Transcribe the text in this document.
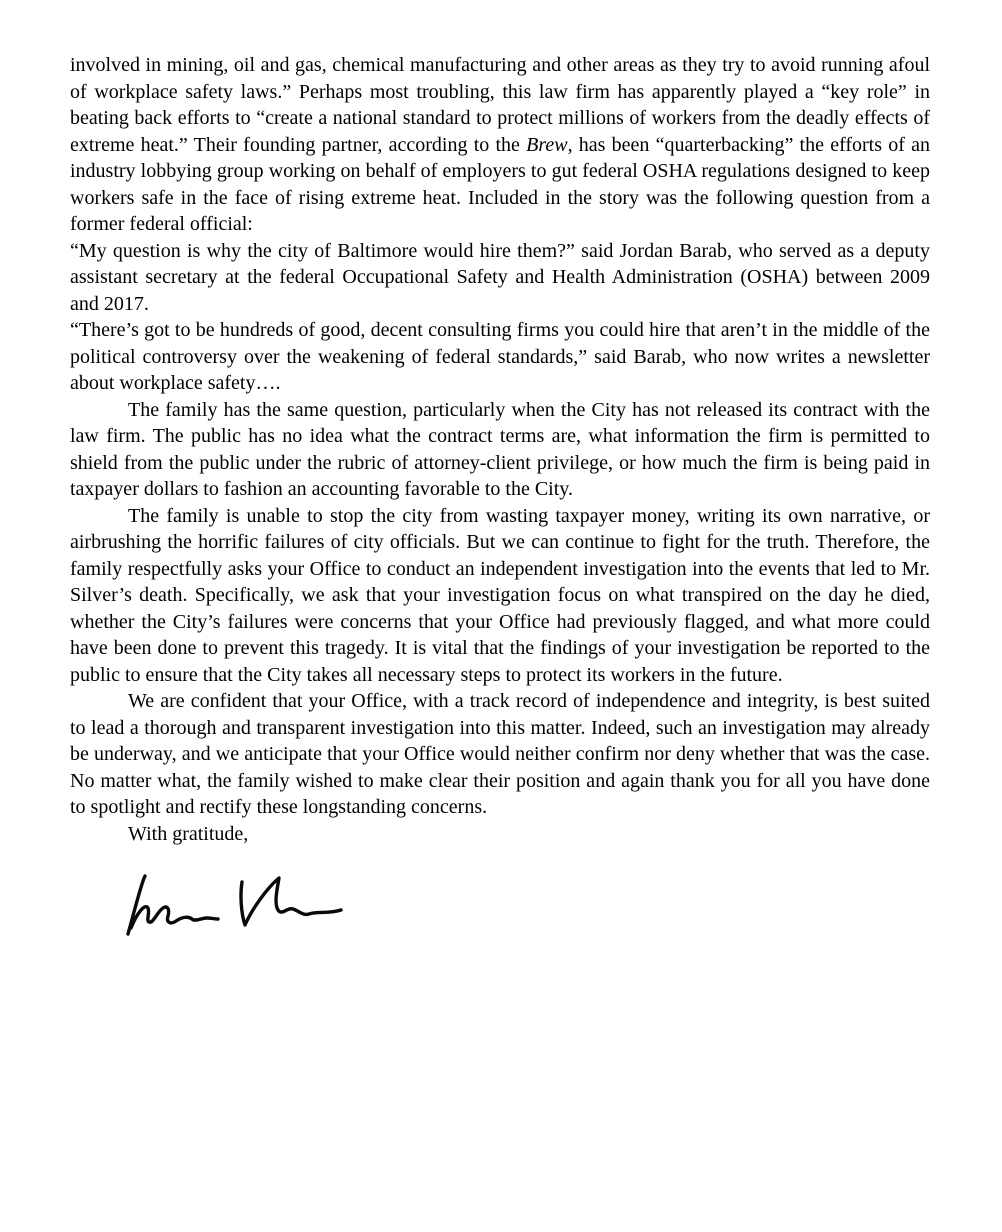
involved in mining, oil and gas, chemical manufacturing and other areas as they try to avoid running afoul of workplace safety laws.” Perhaps most troubling, this law firm has apparently played a “key role” in beating back efforts to “create a national standard to protect millions of workers from the deadly effects of extreme heat.” Their founding partner, according to the Brew, has been “quarterbacking” the efforts of an industry lobbying group working on behalf of employers to gut federal OSHA regulations designed to keep workers safe in the face of rising extreme heat. Included in the story was the following question from a former federal official:

“My question is why the city of Baltimore would hire them?” said Jordan Barab, who served as a deputy assistant secretary at the federal Occupational Safety and Health Administration (OSHA) between 2009 and 2017.
“There’s got to be hundreds of good, decent consulting firms you could hire that aren’t in the middle of the political controversy over the weakening of federal standards,” said Barab, who now writes a newsletter about workplace safety….

The family has the same question, particularly when the City has not released its contract with the law firm. The public has no idea what the contract terms are, what information the firm is permitted to shield from the public under the rubric of attorney-client privilege, or how much the firm is being paid in taxpayer dollars to fashion an accounting favorable to the City.

The family is unable to stop the city from wasting taxpayer money, writing its own narrative, or airbrushing the horrific failures of city officials. But we can continue to fight for the truth. Therefore, the family respectfully asks your Office to conduct an independent investigation into the events that led to Mr. Silver’s death. Specifically, we ask that your investigation focus on what transpired on the day he died, whether the City’s failures were concerns that your Office had previously flagged, and what more could have been done to prevent this tragedy. It is vital that the findings of your investigation be reported to the public to ensure that the City takes all necessary steps to protect its workers in the future.

We are confident that your Office, with a track record of independence and integrity, is best suited to lead a thorough and transparent investigation into this matter. Indeed, such an investigation may already be underway, and we anticipate that your Office would neither confirm nor deny whether that was the case. No matter what, the family wished to make clear their position and again thank you for all you have done to spotlight and rectify these longstanding concerns.

With gratitude,
